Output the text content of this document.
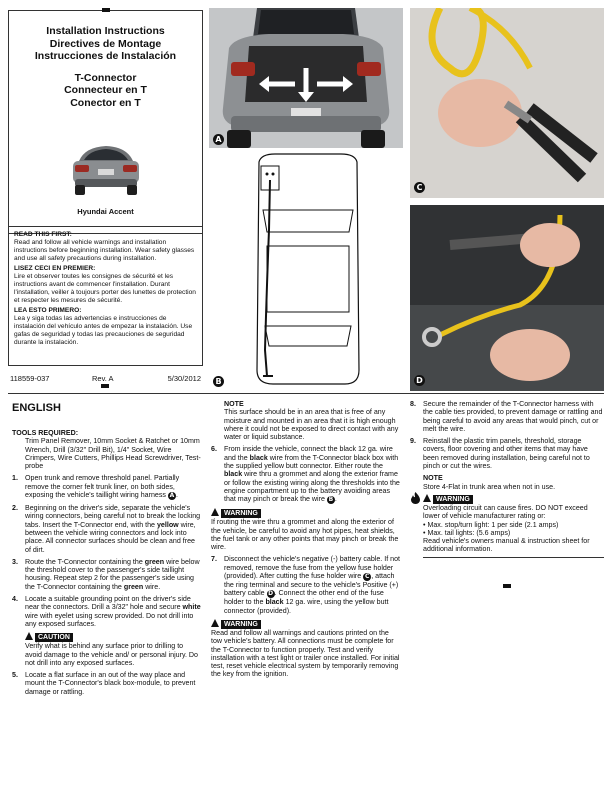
Installation Instructions
Directives de Montage
Instrucciones de Instalación
T-Connector
Connecteur en T
Conector en T
Hyundai Accent
READ THIS FIRST:
Read and follow all vehicle warnings and installation instructions before beginning installation. Wear safety glasses and use all safety precautions during installation.
LISEZ CECI EN PREMIER:
Lire et observer toutes les consignes de sécurité et les instructions avant de commencer l'installation. Durant l'installation, veiller à toujours porter des lunettes de protection et respecter les mesures de sécurité.
LEA ESTO PRIMERO:
Lea y siga todas las advertencias e instrucciones de instalación del vehículo antes de empezar la instalación. Use gafas de seguridad y todas las precauciones de seguridad durante la instalación.
118559-037	Rev. A	5/30/2012
A
B
C
D
ENGLISH
TOOLS REQUIRED:
Trim Panel Remover, 10mm Socket & Ratchet or 10mm Wrench, Drill (3/32" Drill Bit), 1/4" Socket, Wire Crimpers, Wire Cutters, Phillips Head Screwdriver, Test-probe
1. Open trunk and remove threshold panel. Partially remove the corner felt trunk liner, on both sides, exposing the vehicle's taillight wiring harness A .
2. Beginning on the driver's side, separate the vehicle's wiring connectors, being careful not to break the locking tabs. Insert the T-Connector end, with the yellow wire, between the vehicle wiring connectors and lock into place. All connector surfaces should be clean and free of dirt.
3. Route the T-Connector containing the green wire below the threshold cover to the passenger's side taillight housing. Repeat step 2 for the passenger's side using the T-Connector containing the green wire.
4. Locate a suitable grounding point on the driver's side near the connectors. Drill a 3/32" hole and secure white wire with eyelet using screw provided. Do not drill into any exposed surfaces.
CAUTION
Verify what is behind any surface prior to drilling to avoid damage to the vehicle and/ or personal injury. Do not drill into any exposed surfaces.
5. Locate a flat surface in an out of the way place and mount the T-Connector's black box-module, to prevent damage or rattling.
NOTE
This surface should be in an area that is free of any moisture and mounted in an area that it is high enough where it could not be exposed to direct contact with any water or liquid substance.
6. From inside the vehicle, connect the black 12 ga. wire and the black wire from the T-Connector black box with the supplied yellow butt connector. Either route the black wire thru a grommet and along the exterior frame or follow the existing wiring along the thresholds into the engine compartment up to the battery avoiding areas that may pinch or break the wire B .
WARNING
If routing the wire thru a grommet and along the exterior of the vehicle, be careful to avoid any hot pipes, heat shields, the fuel tank or any other points that may pinch or break the wire.
7. Disconnect the vehicle's negative (-) battery cable. If not removed, remove the fuse from the yellow fuse holder (provided). After cutting the fuse holder wire C , attach the ring terminal and secure to the vehicle's Positive (+) battery cable D . Connect the other end of the fuse holder to the black 12 ga. wire, using the yellow butt connector (provided).
WARNING
Read and follow all warnings and cautions printed on the tow vehicle's battery. All connections must be complete for the T-Connector to function properly. Test and verify installation with a test light or trailer once installed. For initial test, reset vehicle electrical system by temporarily removing the key from the ignition.
8. Secure the remainder of the T-Connector harness with the cable ties provided, to prevent damage or rattling and being careful to avoid any areas that would pinch, cut or melt the wire.
9. Reinstall the plastic trim panels, threshold, storage covers, floor covering and other items that may have been removed during installation, being careful not to pinch or cut the wires.
NOTE
Store 4-Flat in trunk area when not in use.
WARNING
Overloading circuit can cause fires. DO NOT exceed lower of vehicle manufacturer rating or:
• Max. stop/turn light: 1 per side (2.1 amps)
• Max. tail lights: (5.6 amps)
Read vehicle's owners manual & instruction sheet for additional information.
